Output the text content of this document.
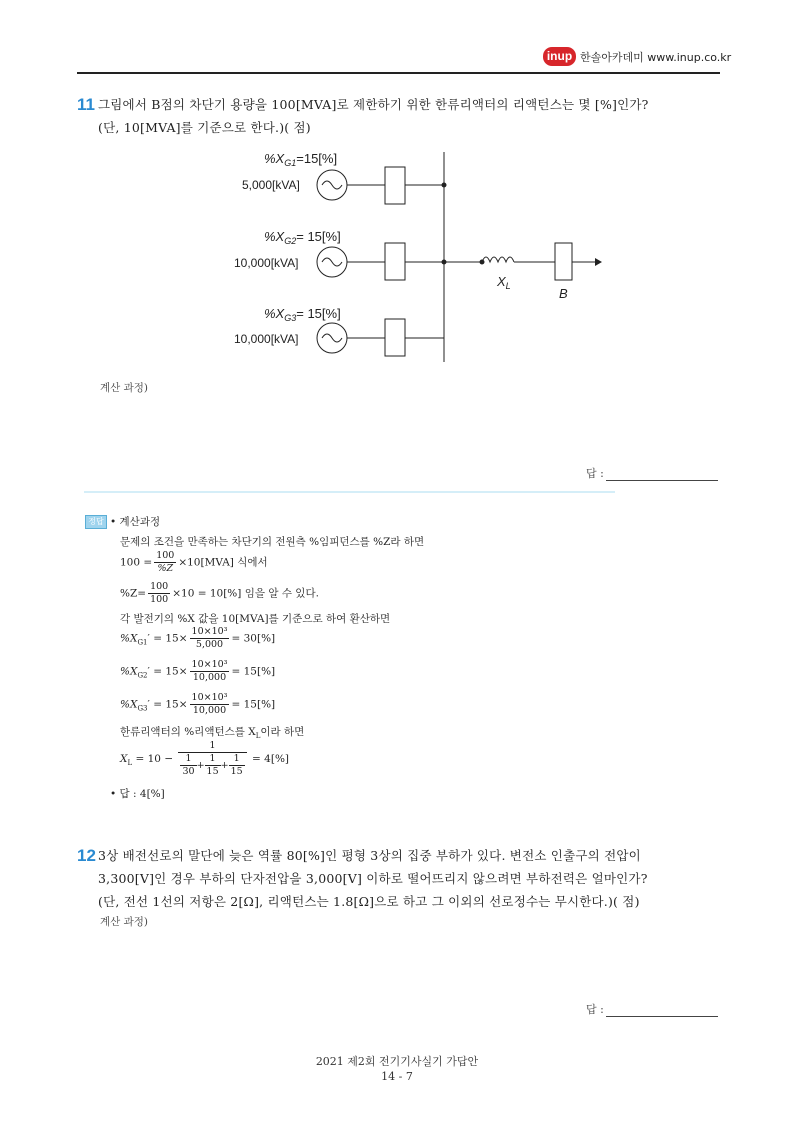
inup 한솔아카데미 www.inup.co.kr
11 그림에서 B점의 차단기 용량을 100[MVA]로 제한하기 위한 한류리액터의 리액턴스는 몇 [%]인가?
(단, 10[MVA]를 기준으로 한다.)( 점)
$\%X_{G1}=15[\%]$
5,000[kVA]
$\%X_{G2}= 15[\%]$
10,000[kVA]
$\%X_{G3}= 15[\%]$
10,000[kVA]
$X_L$	B
계산 과정)
답 :
정답 • 계산과정
문제의 조건을 만족하는 차단기의 전원측 %임피던스를 %Z라 하면
$100 = \frac{100}{\%Z} \times 10[MVA]$ 식에서
$\%Z= \frac{100}{100} \times 10 = 10[\%]$ 임을 알 수 있다.
각 발전기의 %X 값을 10[MVA]를 기준으로 하여 환산하면
$\%X_{G1}' = 15\times \frac{\text{10×10³}}{5,000} = 30[\%]$
$\%X_{G2}' = 15\times \frac{\text{10×10³}}{10,000} = 15[\%]$
$\%X_{G3}' = 15\times \frac{\text{10×10³}}{10,000} = 15[\%]$
한류리액터의 %리액턴스를 $X_L$이라 하면
$X_L = 10 - \frac{1}{\frac{1}{30} + \frac{1}{15} + \frac{1}{15}} = 4[\%]$
• 답 : 4[%]
12 3상 배전선로의 말단에 늦은 역률 80[%]인 평형 3상의 집중 부하가 있다. 변전소 인출구의 전압이
3,300[V]인 경우 부하의 단자전압을 3,000[V] 이하로 떨어뜨리지 않으려면 부하전력은 얼마인가?
(단, 전선 1선의 저항은 2[Ω], 리액턴스는 1.8[Ω]으로 하고 그 이외의 선로정수는 무시한다.)( 점)
계산 과정)
답 :
2021 제2회 전기기사실기 가답안
14 - 7
